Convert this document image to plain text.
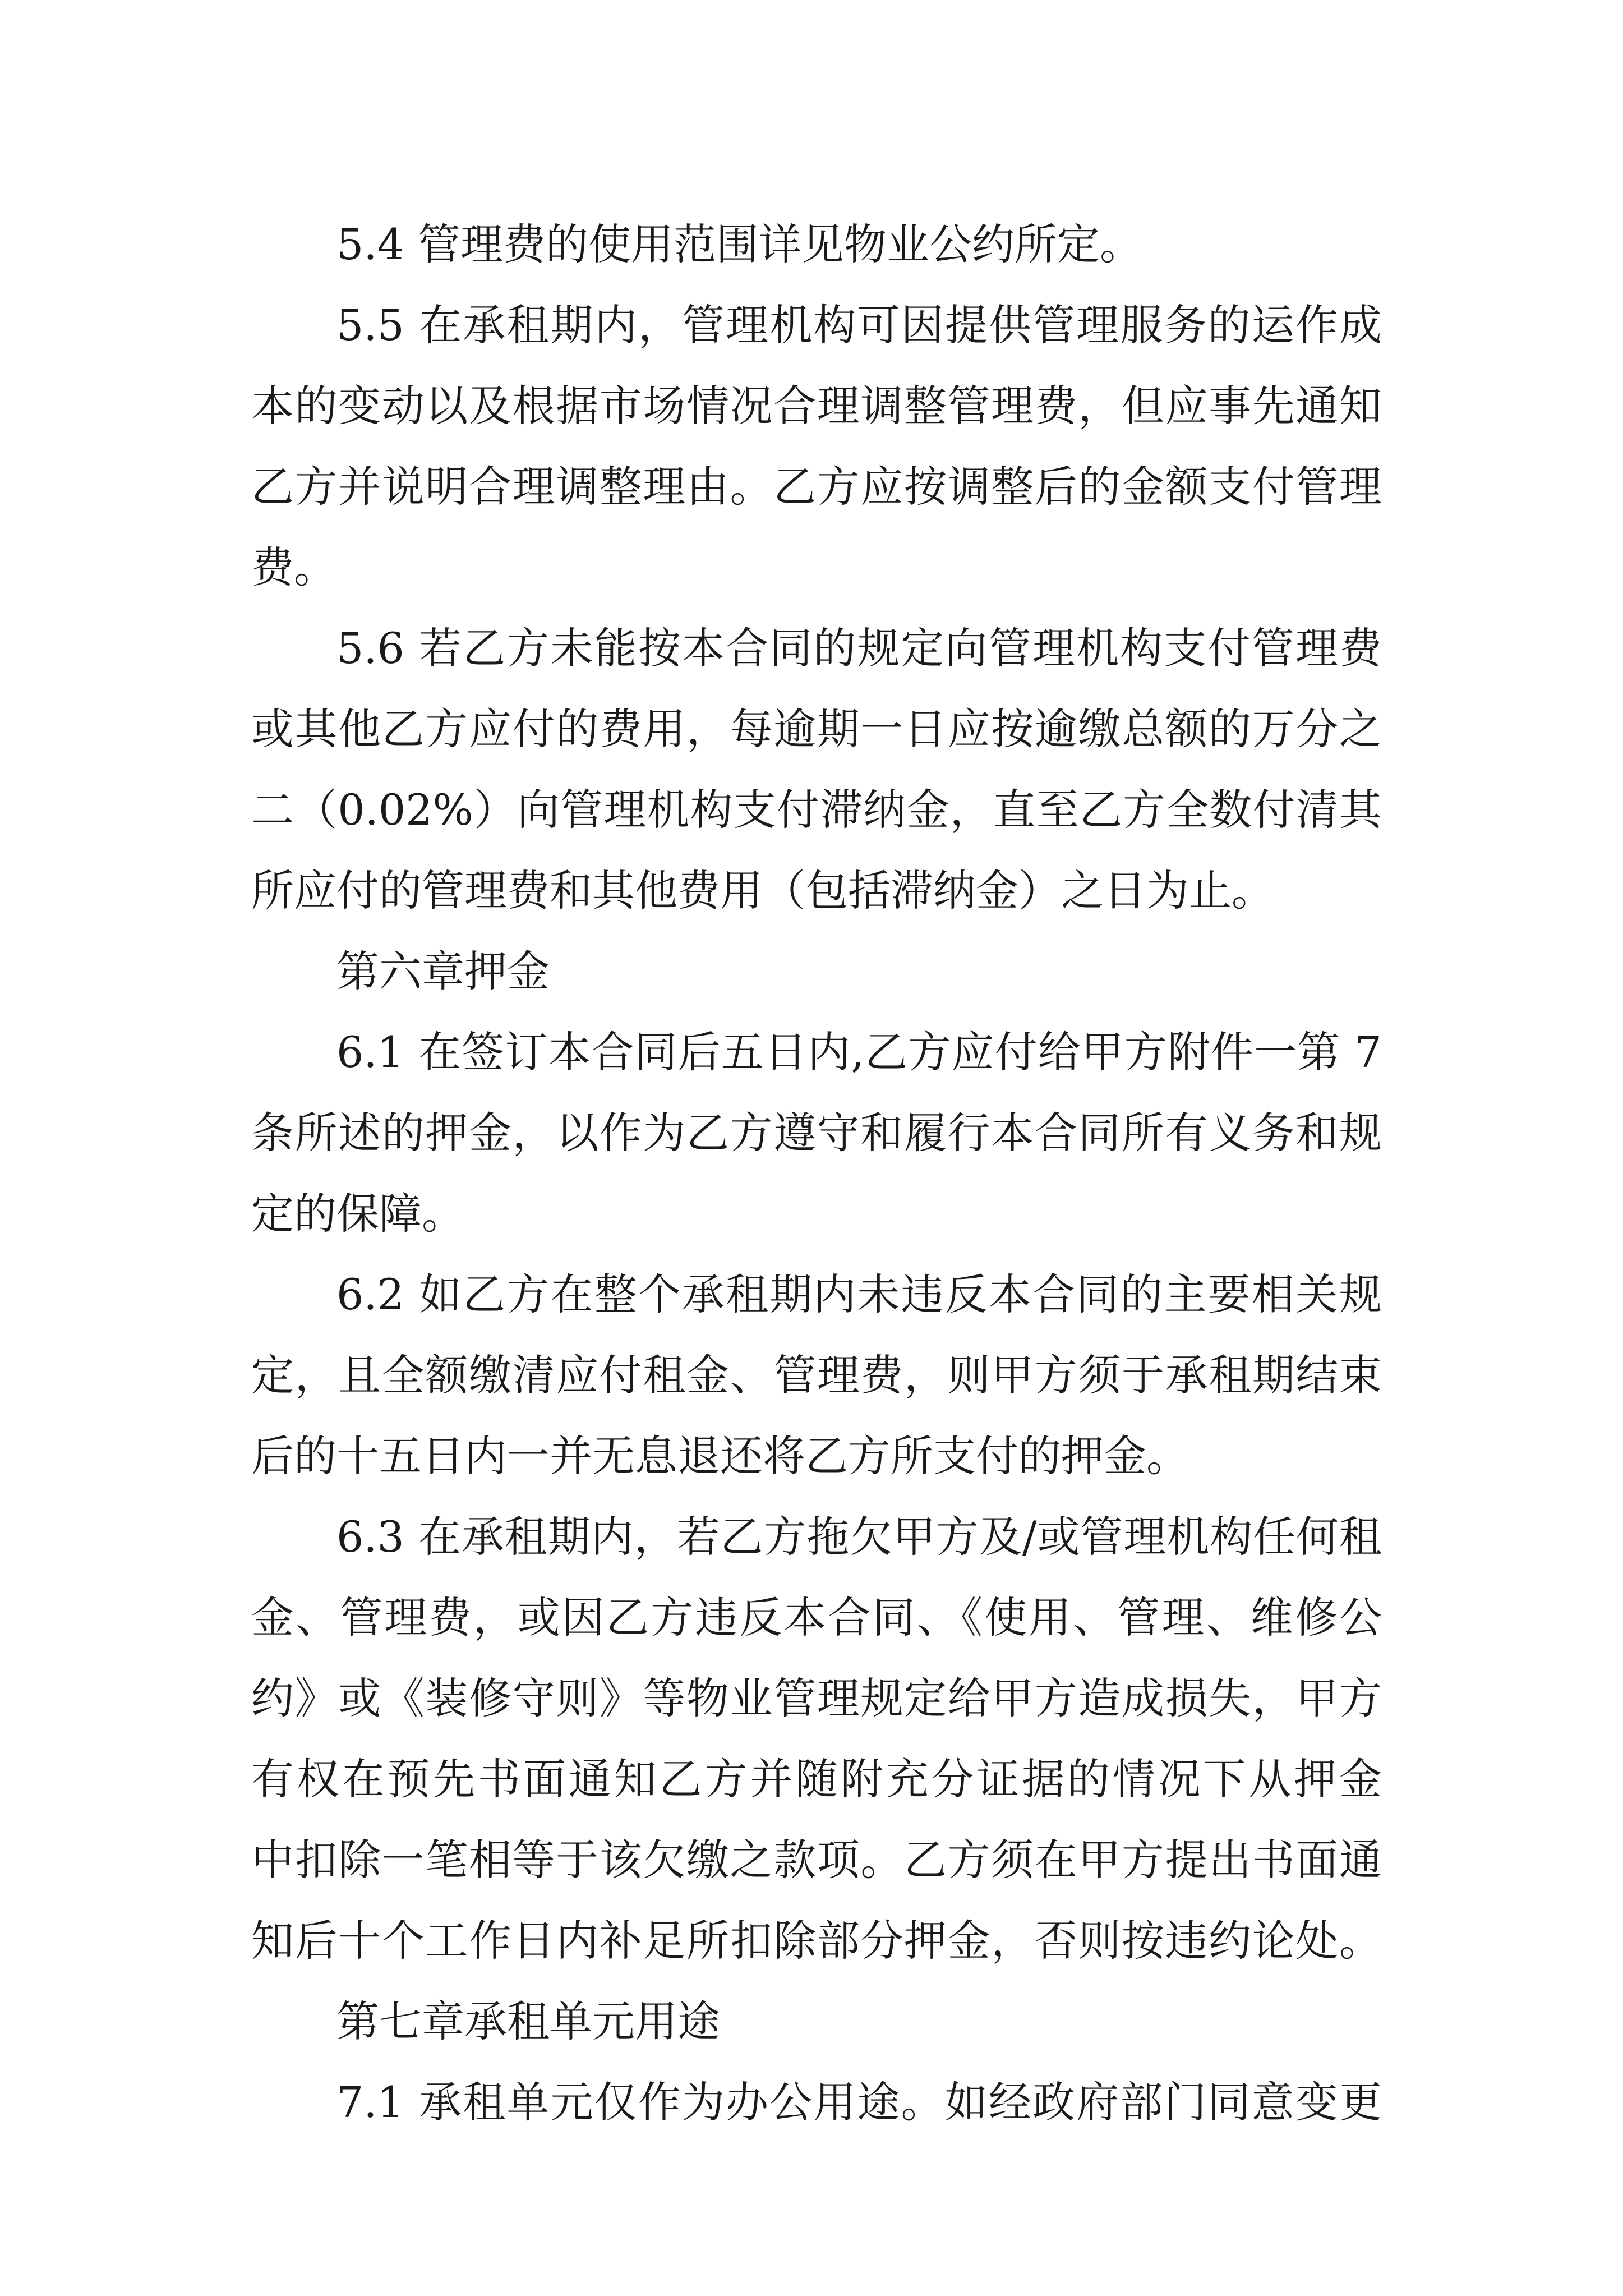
5.4 管理费的使用范围详见物业公约所定。
5.5 在承租期内，管理机构可因提供管理服务的运作成
本的变动以及根据市场情况合理调整管理费，但应事先通知
乙方并说明合理调整理由。乙方应按调整后的金额支付管理
费。
5.6 若乙方未能按本合同的规定向管理机构支付管理费
或其他乙方应付的费用，每逾期一日应按逾缴总额的万分之
二（0.02%）向管理机构支付滞纳金，直至乙方全数付清其
所应付的管理费和其他费用（包括滞纳金）之日为止。
第六章押金
6.1 在签订本合同后五日内,乙方应付给甲方附件一第 7
条所述的押金，以作为乙方遵守和履行本合同所有义务和规
定的保障。
6.2 如乙方在整个承租期内未违反本合同的主要相关规
定，且全额缴清应付租金、管理费，则甲方须于承租期结束
后的十五日内一并无息退还将乙方所支付的押金。
6.3 在承租期内，若乙方拖欠甲方及/或管理机构任何租
金、管理费，或因乙方违反本合同、《使用、管理、维修公
约》或《装修守则》等物业管理规定给甲方造成损失，甲方
有权在预先书面通知乙方并随附充分证据的情况下从押金
中扣除一笔相等于该欠缴之款项。乙方须在甲方提出书面通
知后十个工作日内补足所扣除部分押金，否则按违约论处。
第七章承租单元用途
7.1 承租单元仅作为办公用途。如经政府部门同意变更
